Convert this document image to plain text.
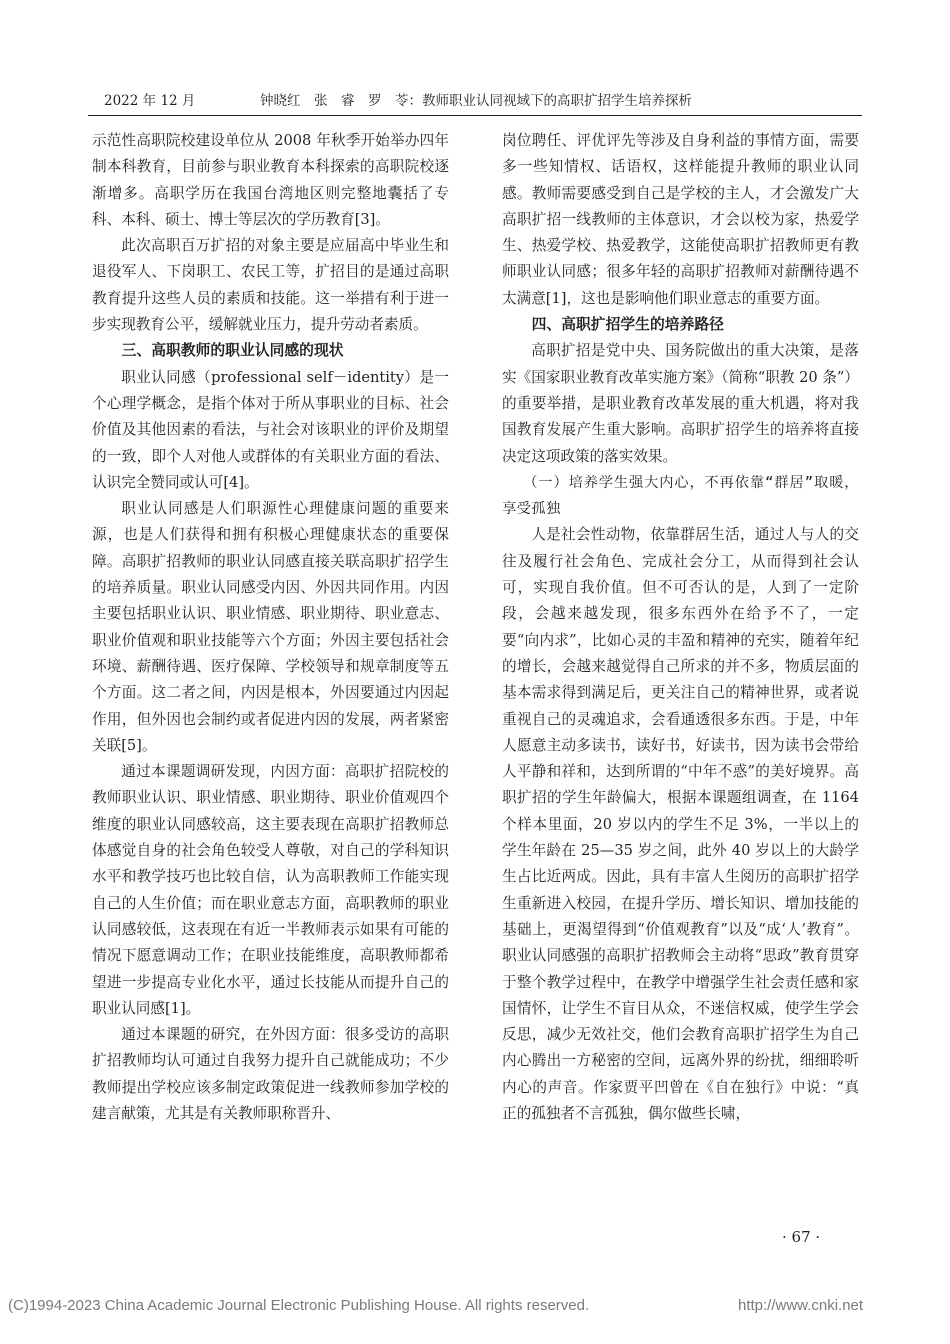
2022 年 12 月	钟晓红　张　睿　罗　苓：教师职业认同视域下的高职扩招学生培养探析

示范性高职院校建设单位从 2008 年秋季开始举办四年制本科教育，目前参与职业教育本科探索的高职院校逐渐增多。高职学历在我国台湾地区则完整地囊括了专科、本科、硕士、博士等层次的学历教育[3]。

此次高职百万扩招的对象主要是应届高中毕业生和退役军人、下岗职工、农民工等，扩招目的是通过高职教育提升这些人员的素质和技能。这一举措有利于进一步实现教育公平，缓解就业压力，提升劳动者素质。

三、高职教师的职业认同感的现状

职业认同感（professional self－identity）是一个心理学概念，是指个体对于所从事职业的目标、社会价值及其他因素的看法，与社会对该职业的评价及期望的一致，即个人对他人或群体的有关职业方面的看法、认识完全赞同或认可[4]。

职业认同感是人们职源性心理健康问题的重要来源，也是人们获得和拥有积极心理健康状态的重要保障。高职扩招教师的职业认同感直接关联高职扩招学生的培养质量。职业认同感受内因、外因共同作用。内因主要包括职业认识、职业情感、职业期待、职业意志、职业价值观和职业技能等六个方面；外因主要包括社会环境、薪酬待遇、医疗保障、学校领导和规章制度等五个方面。这二者之间，内因是根本，外因要通过内因起作用，但外因也会制约或者促进内因的发展，两者紧密关联[5]。

通过本课题调研发现，内因方面：高职扩招院校的教师职业认识、职业情感、职业期待、职业价值观四个维度的职业认同感较高，这主要表现在高职扩招教师总体感觉自身的社会角色较受人尊敬，对自己的学科知识水平和教学技巧也比较自信，认为高职教师工作能实现自己的人生价值；而在职业意志方面，高职教师的职业认同感较低，这表现在有近一半教师表示如果有可能的情况下愿意调动工作；在职业技能维度，高职教师都希望进一步提高专业化水平，通过长技能从而提升自己的职业认同感[1]。

通过本课题的研究，在外因方面：很多受访的高职扩招教师均认可通过自我努力提升自己就能成功；不少教师提出学校应该多制定政策促进一线教师参加学校的建言献策，尤其是有关教师职称晋升、

岗位聘任、评优评先等涉及自身利益的事情方面，需要多一些知情权、话语权，这样能提升教师的职业认同感。教师需要感受到自己是学校的主人，才会激发广大高职扩招一线教师的主体意识，才会以校为家，热爱学生、热爱学校、热爱教学，这能使高职扩招教师更有教师职业认同感；很多年轻的高职扩招教师对薪酬待遇不太满意[1]，这也是影响他们职业意志的重要方面。

四、高职扩招学生的培养路径

高职扩招是党中央、国务院做出的重大决策，是落实《国家职业教育改革实施方案》（简称“职教 20 条”）的重要举措，是职业教育改革发展的重大机遇，将对我国教育发展产生重大影响。高职扩招学生的培养将直接决定这项政策的落实效果。

（一）培养学生强大内心，不再依靠“群居”取暖，享受孤独

人是社会性动物，依靠群居生活，通过人与人的交往及履行社会角色、完成社会分工，从而得到社会认可，实现自我价值。但不可否认的是，人到了一定阶段，会越来越发现，很多东西外在给予不了，一定要“向内求”，比如心灵的丰盈和精神的充实，随着年纪的增长，会越来越觉得自己所求的并不多，物质层面的基本需求得到满足后，更关注自己的精神世界，或者说重视自己的灵魂追求，会看通透很多东西。于是，中年人愿意主动多读书，读好书，好读书，因为读书会带给人平静和祥和，达到所谓的“中年不惑”的美好境界。高职扩招的学生年龄偏大，根据本课题组调查，在 1164 个样本里面，20 岁以内的学生不足 3%，一半以上的学生年龄在 25—35 岁之间，此外 40 岁以上的大龄学生占比近两成。因此，具有丰富人生阅历的高职扩招学生重新进入校园，在提升学历、增长知识、增加技能的基础上，更渴望得到“价值观教育”以及“成‘人’教育”。职业认同感强的高职扩招教师会主动将“思政”教育贯穿于整个教学过程中，在教学中增强学生社会责任感和家国情怀，让学生不盲目从众，不迷信权威，使学生学会反思，减少无效社交，他们会教育高职扩招学生为自己内心腾出一方秘密的空间，远离外界的纷扰，细细聆听内心的声音。作家贾平凹曾在《自在独行》中说：“真正的孤独者不言孤独，偶尔做些长啸，

· 67 ·
(C)1994-2023 China Academic Journal Electronic Publishing House. All rights reserved.	http://www.cnki.net
